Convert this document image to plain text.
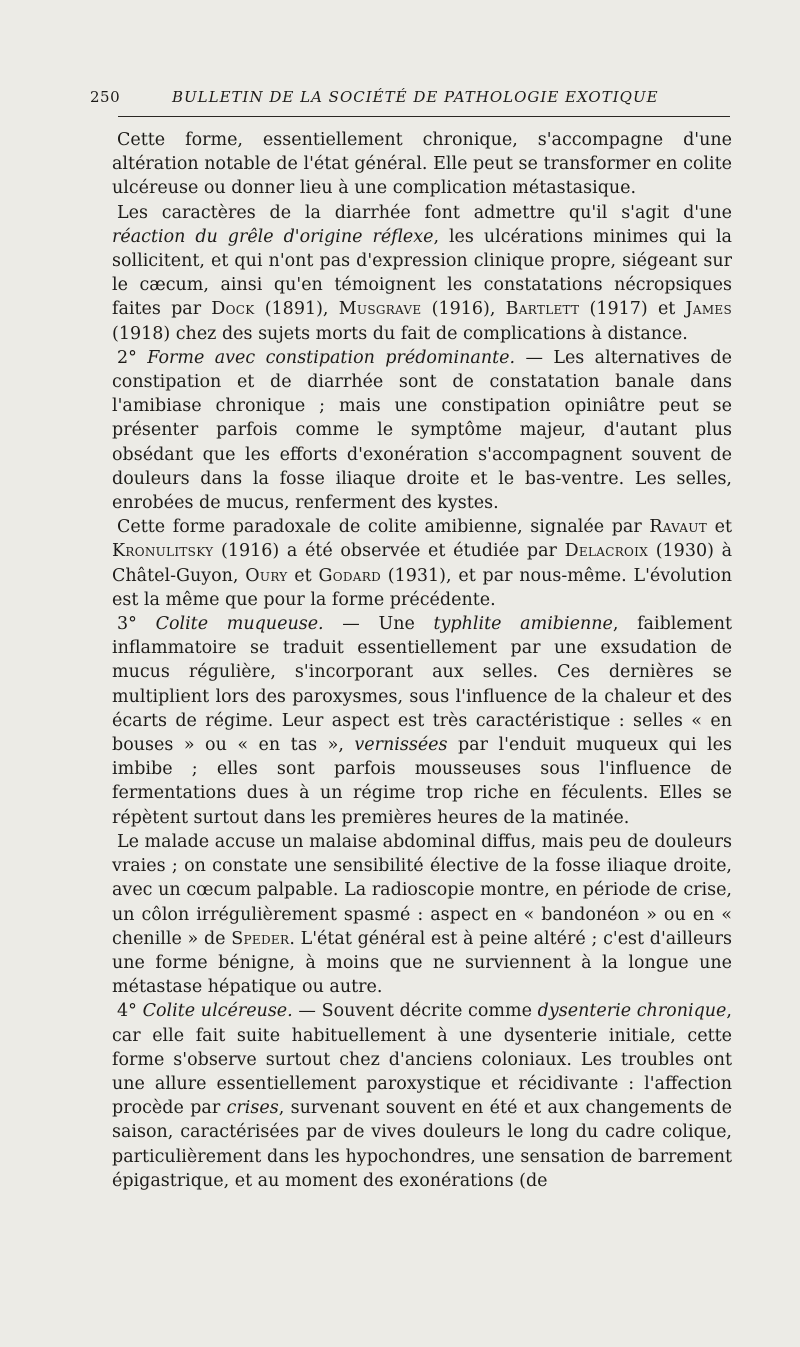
250	BULLETIN DE LA SOCIÉTÉ DE PATHOLOGIE EXOTIQUE

Cette forme, essentiellement chronique, s'accompagne d'une altération notable de l'état général. Elle peut se transformer en colite ulcéreuse ou donner lieu à une complication métastasique.

Les caractères de la diarrhée font admettre qu'il s'agit d'une réaction du grêle d'origine réflexe, les ulcérations minimes qui la sollicitent, et qui n'ont pas d'expression clinique propre, siégeant sur le cæcum, ainsi qu'en témoignent les constatations nécropsiques faites par Dock (1891), Musgrave (1916), Bartlett (1917) et James (1918) chez des sujets morts du fait de complications à distance.

2° Forme avec constipation prédominante. — Les alternatives de constipation et de diarrhée sont de constatation banale dans l'amibiase chronique ; mais une constipation opiniâtre peut se présenter parfois comme le symptôme majeur, d'autant plus obsédant que les efforts d'exonération s'accompagnent souvent de douleurs dans la fosse iliaque droite et le bas-ventre. Les selles, enrobées de mucus, renferment des kystes.

Cette forme paradoxale de colite amibienne, signalée par Ravaut et Kronulitsky (1916) a été observée et étudiée par Delacroix (1930) à Châtel-Guyon, Oury et Godard (1931), et par nous-même. L'évolution est la même que pour la forme précédente.

3° Colite muqueuse. — Une typhlite amibienne, faiblement inflammatoire se traduit essentiellement par une exsudation de mucus régulière, s'incorporant aux selles. Ces dernières se multiplient lors des paroxysmes, sous l'influence de la chaleur et des écarts de régime. Leur aspect est très caractéristique : selles « en bouses » ou « en tas », vernissées par l'enduit muqueux qui les imbibe ; elles sont parfois mousseuses sous l'influence de fermentations dues à un régime trop riche en féculents. Elles se répètent surtout dans les premières heures de la matinée.

Le malade accuse un malaise abdominal diffus, mais peu de douleurs vraies ; on constate une sensibilité élective de la fosse iliaque droite, avec un cœcum palpable. La radioscopie montre, en période de crise, un côlon irrégulièrement spasmé : aspect en « bandonéon » ou en « chenille » de Speder. L'état général est à peine altéré ; c'est d'ailleurs une forme bénigne, à moins que ne surviennent à la longue une métastase hépatique ou autre.

4° Colite ulcéreuse. — Souvent décrite comme dysenterie chronique, car elle fait suite habituellement à une dysenterie initiale, cette forme s'observe surtout chez d'anciens coloniaux. Les troubles ont une allure essentiellement paroxystique et récidivante : l'affection procède par crises, survenant souvent en été et aux changements de saison, caractérisées par de vives douleurs le long du cadre colique, particulièrement dans les hypochondres, une sensation de barrement épigastrique, et au moment des exonérations (de
